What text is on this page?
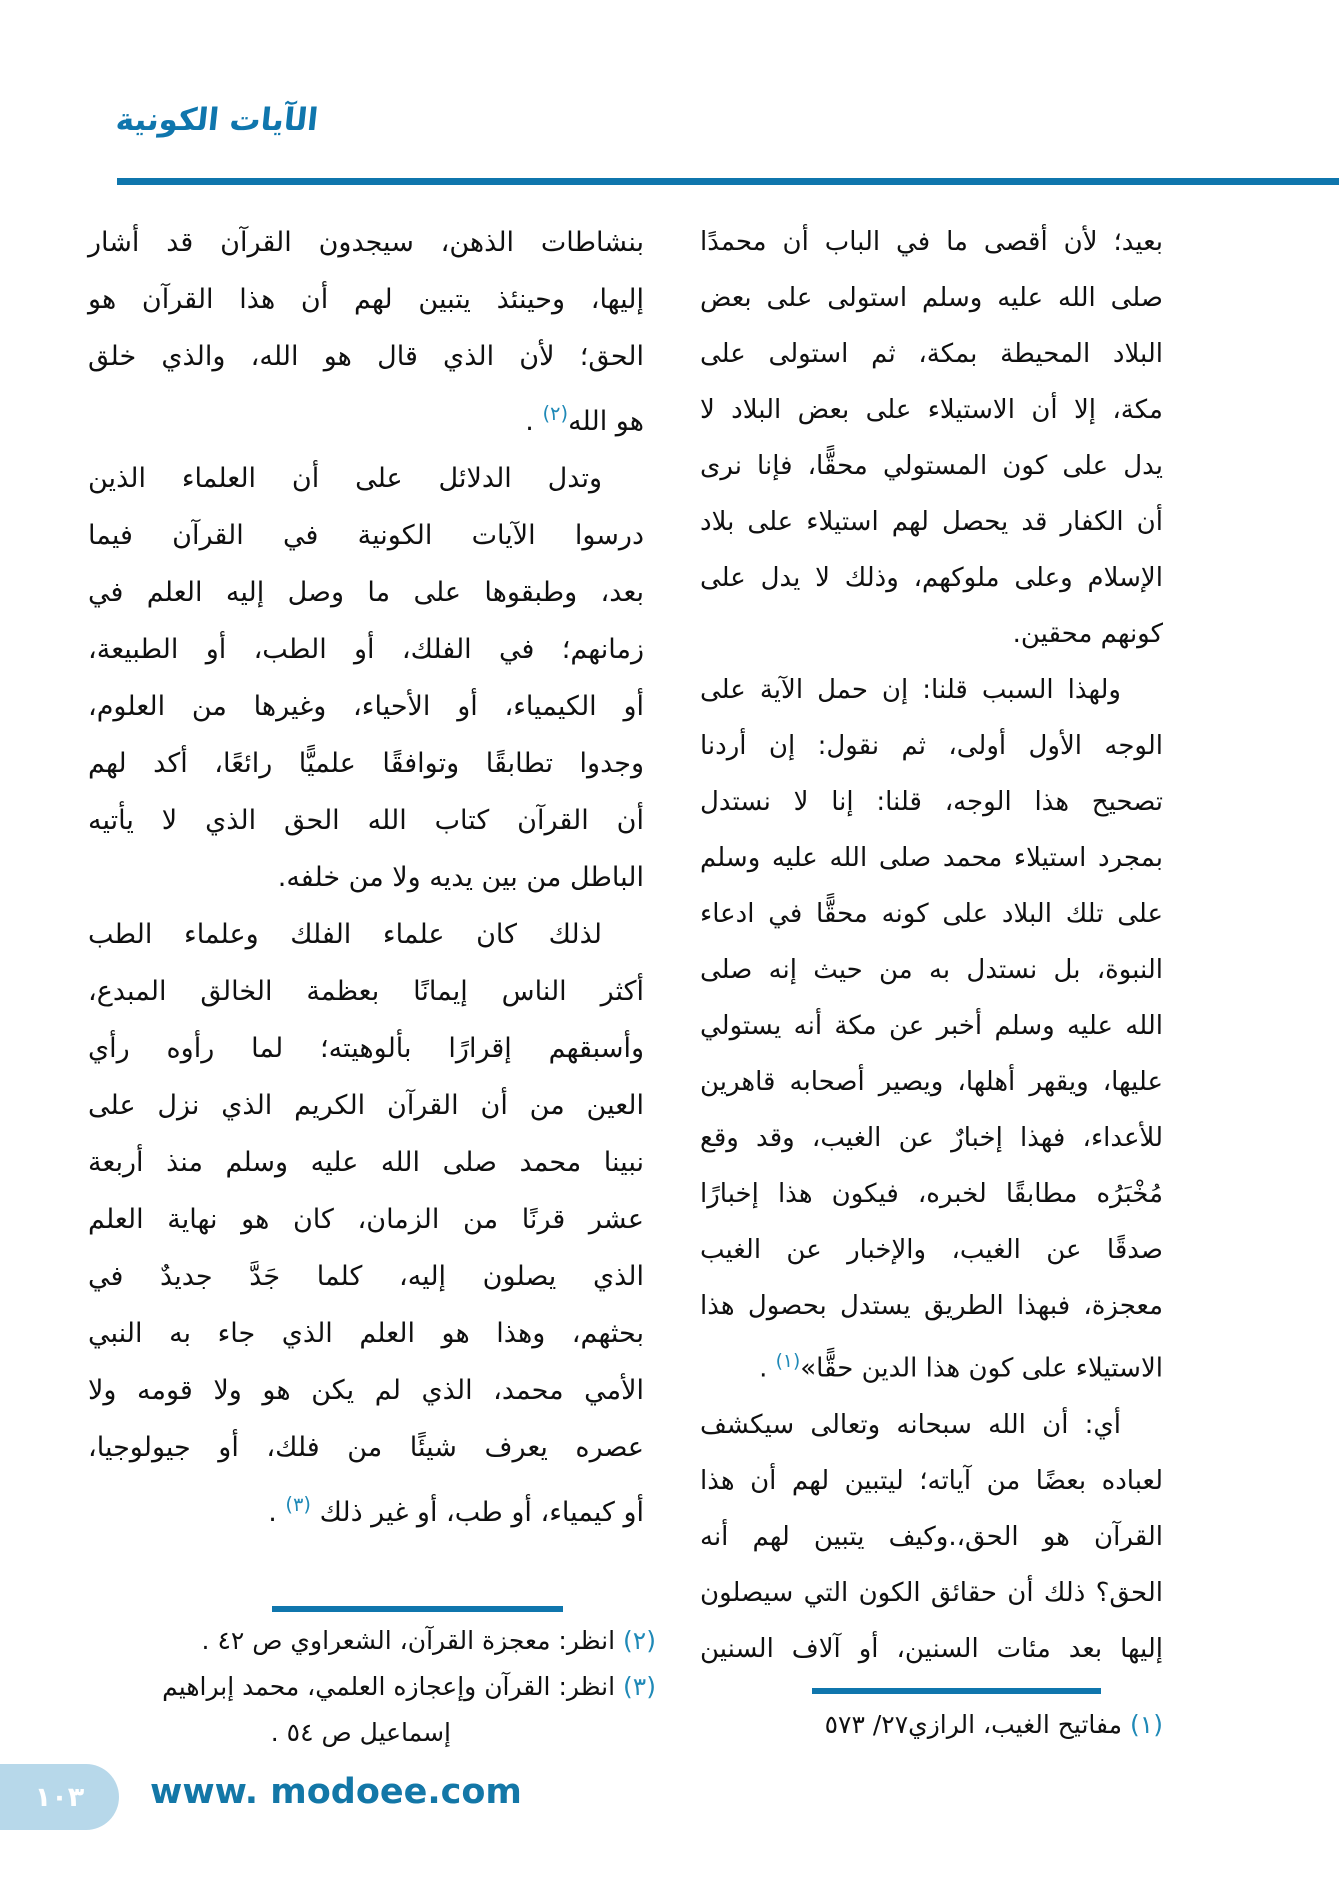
الآيات الكونية
بعيد؛ لأن أقصى ما في الباب أن محمدًا
صلى الله عليه وسلم استولى على بعض
البلاد المحيطة بمكة، ثم استولى على
مكة، إلا أن الاستيلاء على بعض البلاد لا
يدل على كون المستولي محقًّا، فإنا نرى
أن الكفار قد يحصل لهم استيلاء على بلاد
الإسلام وعلى ملوكهم، وذلك لا يدل على
كونهم محقين.
ولهذا السبب قلنا: إن حمل الآية على
الوجه الأول أولى، ثم نقول: إن أردنا
تصحيح هذا الوجه، قلنا: إنا لا نستدل
بمجرد استيلاء محمد صلى الله عليه وسلم
على تلك البلاد على كونه محقًّا في ادعاء
النبوة، بل نستدل به من حيث إنه صلى
الله عليه وسلم أخبر عن مكة أنه يستولي
عليها، ويقهر أهلها، ويصير أصحابه قاهرين
للأعداء، فهذا إخبارٌ عن الغيب، وقد وقع
مُخْبَرُه مطابقًا لخبره، فيكون هذا إخبارًا
صدقًا عن الغيب، والإخبار عن الغيب
معجزة، فبهذا الطريق يستدل بحصول هذا
الاستيلاء على كون هذا الدين حقًّا»$^{(١)}$ .
أي: أن الله سبحانه وتعالى سيكشف
لعباده بعضًا من آياته؛ ليتبين لهم أن هذا
القرآن هو الحق،.وكيف يتبين لهم أنه
الحق؟ ذلك أن حقائق الكون التي سيصلون
إليها بعد مئات السنين، أو آلاف السنين
بنشاطات الذهن، سيجدون القرآن قد أشار
إليها، وحينئذ يتبين لهم أن هذا القرآن هو
الحق؛ لأن الذي قال هو الله، والذي خلق
هو الله$^{(٢)}$ .
وتدل الدلائل على أن العلماء الذين
درسوا الآيات الكونية في القرآن فيما
بعد، وطبقوها على ما وصل إليه العلم في
زمانهم؛ في الفلك، أو الطب، أو الطبيعة،
أو الكيمياء، أو الأحياء، وغيرها من العلوم،
وجدوا تطابقًا وتوافقًا علميًّا رائعًا، أكد لهم
أن القرآن كتاب الله الحق الذي لا يأتيه
الباطل من بين يديه ولا من خلفه.
لذلك كان علماء الفلك وعلماء الطب
أكثر الناس إيمانًا بعظمة الخالق المبدع،
وأسبقهم إقرارًا بألوهيته؛ لما رأوه رأي
العين من أن القرآن الكريم الذي نزل على
نبينا محمد صلى الله عليه وسلم منذ أربعة
عشر قرنًا من الزمان، كان هو نهاية العلم
الذي يصلون إليه، كلما جَدَّ جديدٌ في
بحثهم، وهذا هو العلم الذي جاء به النبي
الأمي محمد، الذي لم يكن هو ولا قومه ولا
عصره يعرف شيئًا من فلك، أو جيولوجيا،
أو كيمياء، أو طب، أو غير ذلك $^{(٣)}$ .
(١) مفاتيح الغيب، الرازي٢٧/ ٥٧٣
(٢) انظر: معجزة القرآن، الشعراوي ص ٤٢ .
(٣) انظر: القرآن وإعجازه العلمي، محمد إبراهيم
إسماعيل ص ٥٤ .
١٠٣ www. modoee.com
